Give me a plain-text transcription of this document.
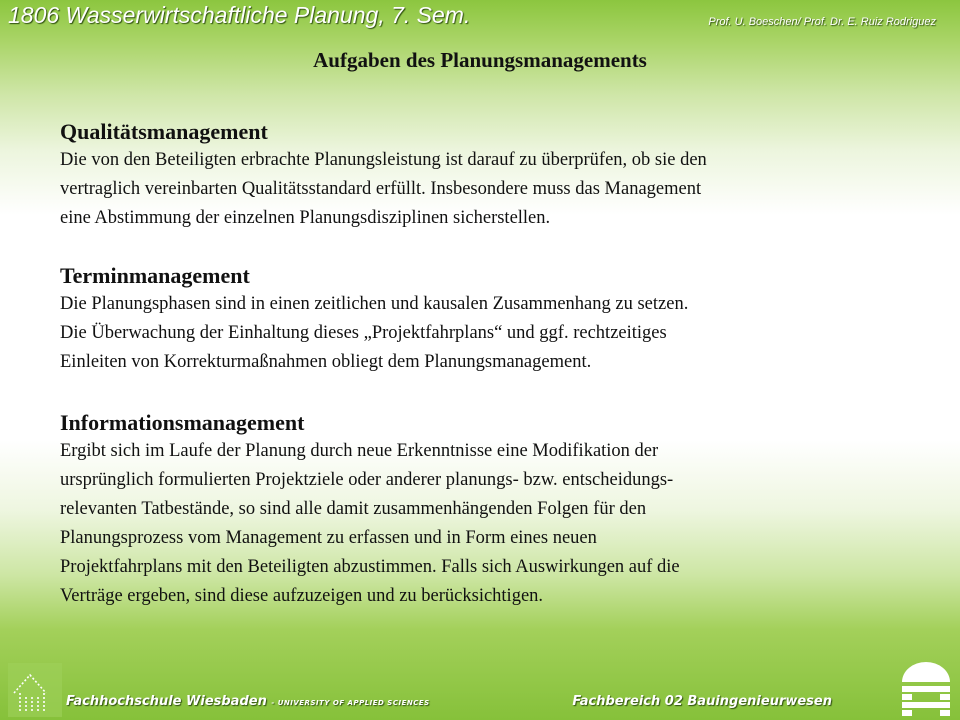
1806 Wasserwirtschaftliche Planung, 7. Sem.	Prof. U. Boeschen/ Prof. Dr. E. Ruiz Rodriguez
Aufgaben des Planungsmanagements
Qualitätsmanagement
Die von den Beteiligten erbrachte Planungsleistung ist darauf zu überprüfen, ob sie den
vertraglich vereinbarten Qualitätsstandard erfüllt. Insbesondere muss das Management
eine Abstimmung der einzelnen Planungsdisziplinen sicherstellen.
Terminmanagement
Die Planungsphasen sind in einen zeitlichen und kausalen Zusammenhang zu setzen.
Die Überwachung der Einhaltung dieses „Projektfahrplans“ und ggf. rechtzeitiges
Einleiten von Korrekturmaßnahmen obliegt dem Planungsmanagement.
Informationsmanagement
Ergibt sich im Laufe der Planung durch neue Erkenntnisse eine Modifikation der
ursprünglich formulierten Projektziele oder anderer planungs- bzw. entscheidungs-
relevanten Tatbestände, so sind alle damit zusammenhängenden Folgen für den
Planungsprozess vom Management zu erfassen und in Form eines neuen
Projektfahrplans mit den Beteiligten abzustimmen. Falls sich Auswirkungen auf die
Verträge ergeben, sind diese aufzuzeigen und zu berücksichtigen.
Fachhochschule Wiesbaden - UNIVERSITY OF APPLIED SCIENCES	Fachbereich 02 Bauingenieurwesen
